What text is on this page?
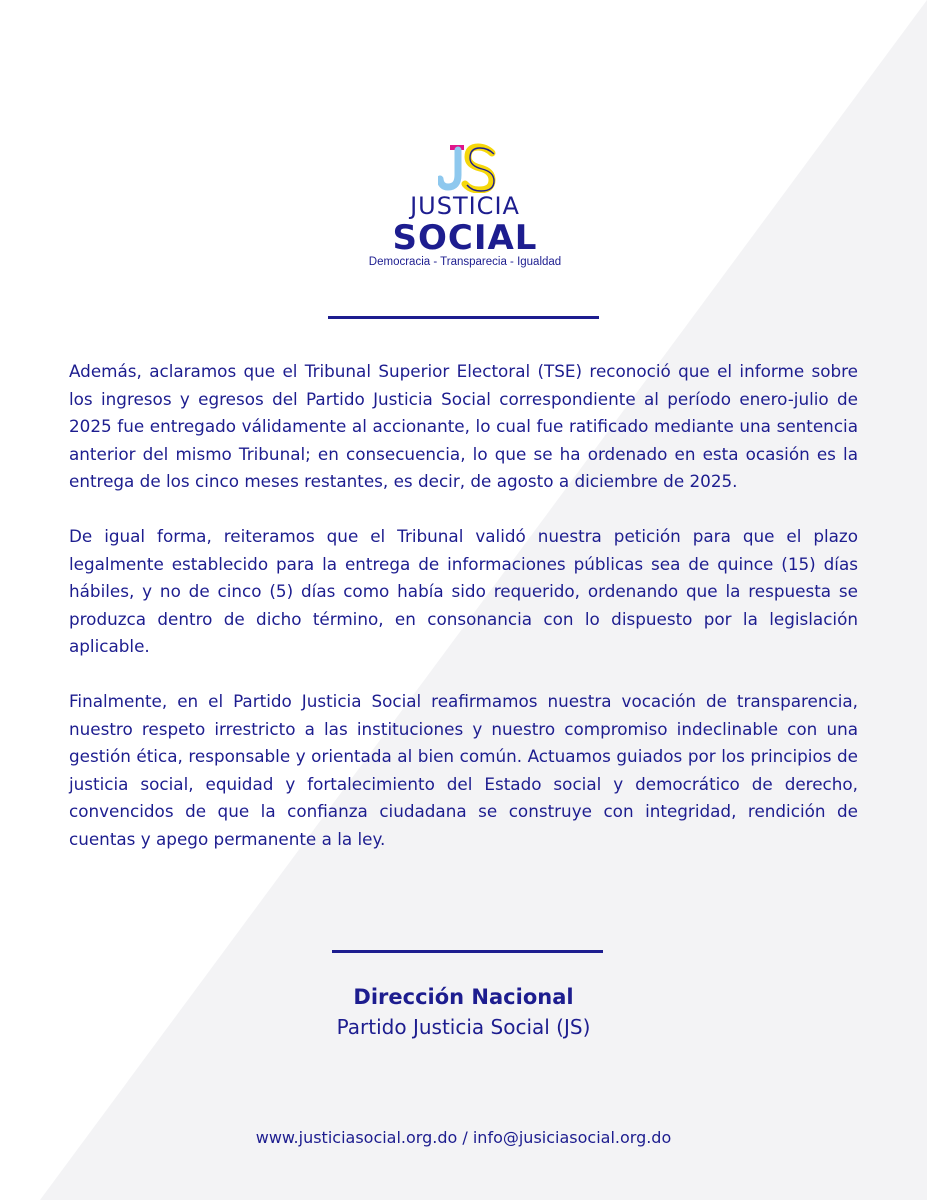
JUSTICIA
SOCIAL
Democracia - Transparecia - Igualdad

Además, aclaramos que el Tribunal Superior Electoral (TSE) reconoció que el informe sobre los ingresos y egresos del Partido Justicia Social correspondiente al período enero-julio de 2025 fue entregado válidamente al accionante, lo cual fue ratificado mediante una sentencia anterior del mismo Tribunal; en consecuencia, lo que se ha ordenado en esta ocasión es la entrega de los cinco meses restantes, es decir, de agosto a diciembre de 2025.

De igual forma, reiteramos que el Tribunal validó nuestra petición para que el plazo legalmente establecido para la entrega de informaciones públicas sea de quince (15) días hábiles, y no de cinco (5) días como había sido requerido, ordenando que la respuesta se produzca dentro de dicho término, en consonancia con lo dispuesto por la legislación aplicable.

Finalmente, en el Partido Justicia Social reafirmamos nuestra vocación de transparencia, nuestro respeto irrestricto a las instituciones y nuestro compromiso indeclinable con una gestión ética, responsable y orientada al bien común. Actuamos guiados por los principios de justicia social, equidad y fortalecimiento del Estado social y democrático de derecho, convencidos de que la confianza ciudadana se construye con integridad, rendición de cuentas y apego permanente a la ley.

Dirección Nacional
Partido Justicia Social (JS)
www.justiciasocial.org.do / info@jusiciasocial.org.do
